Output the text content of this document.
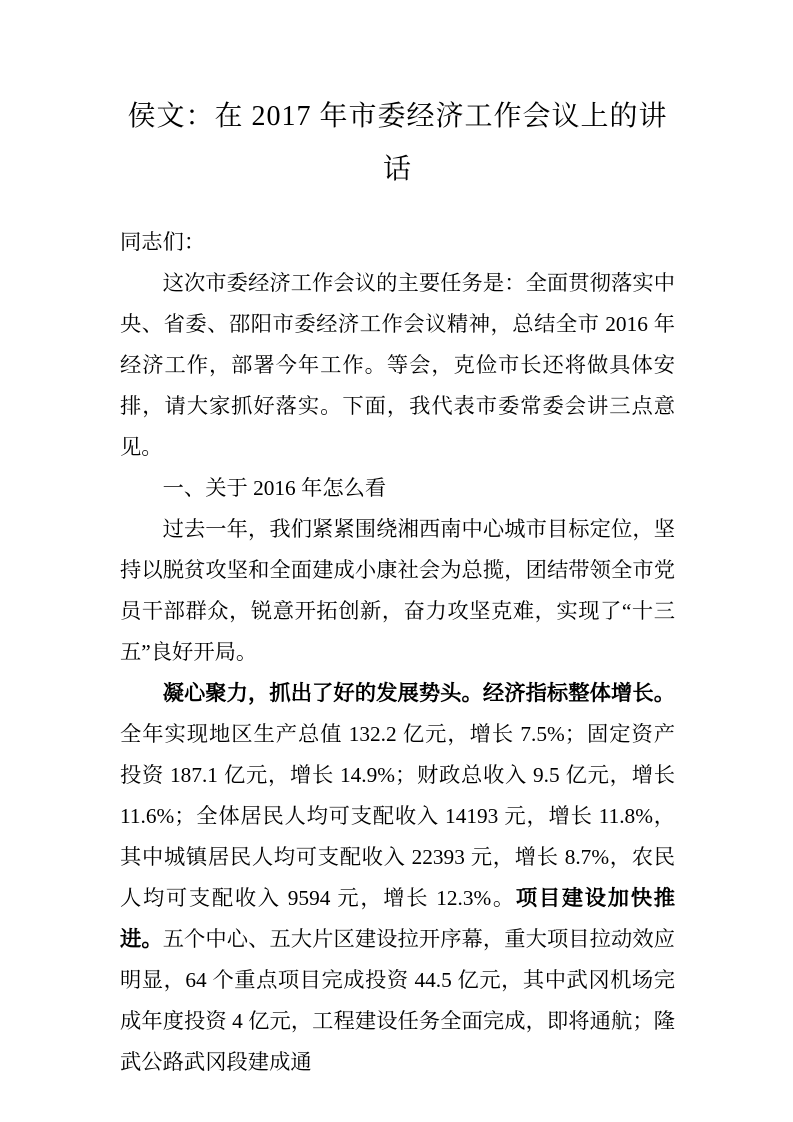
侯文：在 2017 年市委经济工作会议上的讲
话

同志们：

这次市委经济工作会议的主要任务是：全面贯彻落实中央、省委、邵阳市委经济工作会议精神，总结全市 2016 年经济工作，部署今年工作。等会，克俭市长还将做具体安排，请大家抓好落实。下面，我代表市委常委会讲三点意见。

一、关于 2016 年怎么看

过去一年，我们紧紧围绕湘西南中心城市目标定位，坚持以脱贫攻坚和全面建成小康社会为总揽，团结带领全市党员干部群众，锐意开拓创新，奋力攻坚克难，实现了“十三五”良好开局。

凝心聚力，抓出了好的发展势头。经济指标整体增长。全年实现地区生产总值 132.2 亿元，增长 7.5%；固定资产投资 187.1 亿元，增长 14.9%；财政总收入 9.5 亿元，增长 11.6%；全体居民人均可支配收入 14193 元，增长 11.8%，其中城镇居民人均可支配收入 22393 元，增长 8.7%，农民人均可支配收入 9594 元，增长 12.3%。项目建设加快推进。五个中心、五大片区建设拉开序幕，重大项目拉动效应明显，64 个重点项目完成投资 44.5 亿元，其中武冈机场完成年度投资 4 亿元，工程建设任务全面完成，即将通航；隆武公路武冈段建成通
